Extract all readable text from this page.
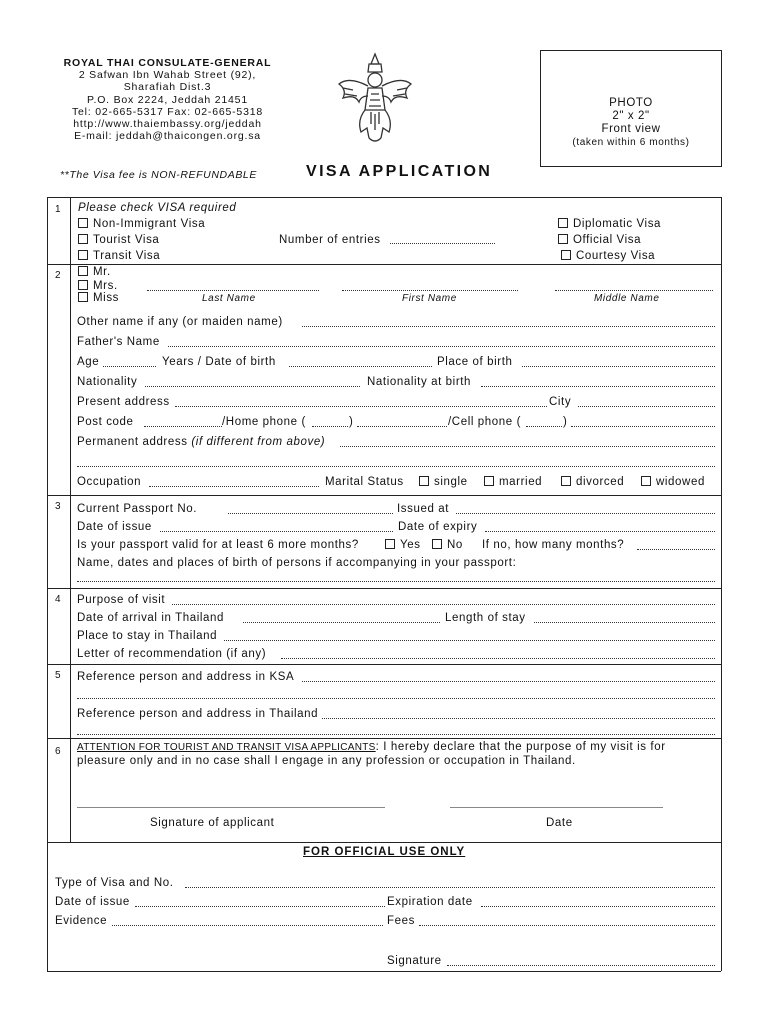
ROYAL THAI CONSULATE-GENERAL
2 Safwan Ibn Wahab Street (92),
Sharafiah Dist.3
P.O. Box 2224, Jeddah 21451
Tel: 02-665-5317 Fax: 02-665-5318
http://www.thaiembassy.org/jeddah
E-mail: jeddah@thaicongen.org.sa
PHOTO
2" x 2"
Front view
(taken within 6 months)
**The Visa fee is NON-REFUNDABLE	VISA APPLICATION
1 Please check VISA required
Non-Immigrant Visa
Tourist Visa
Transit Visa
Number of entries
Diplomatic Visa
Official Visa
Courtesy Visa
2	Mr.
Mrs.
Miss	Last Name	First Name	Middle Name
Other name if any (or maiden name)
Father's Name
Age	Years / Date of birth	Place of birth
Nationality	Nationality at birth
Present address	City
Post code	/Home phone (	)	/Cell phone (	)
Permanent address (if different from above)
Occupation	Marital Status	single	married	divorced	widowed
3 Current Passport No.	Issued at
Date of issue	Date of expiry
Is your passport valid for at least 6 more months?	Yes	No If no, how many months?
Name, dates and places of birth of persons if accompanying in your passport:
4 Purpose of visit
Date of arrival in Thailand	Length of stay
Place to stay in Thailand
Letter of recommendation (if any)
5 Reference person and address in KSA
Reference person and address in Thailand
6 ATTENTION FOR TOURIST AND TRANSIT VISA APPLICANTS: I hereby declare that the purpose of my visit is for
pleasure only and in no case shall I engage in any profession or occupation in Thailand.
Signature of applicant	Date
FOR OFFICIAL USE ONLY
Type of Visa and No.
Date of issue	Expiration date
Evidence	Fees
Signature
